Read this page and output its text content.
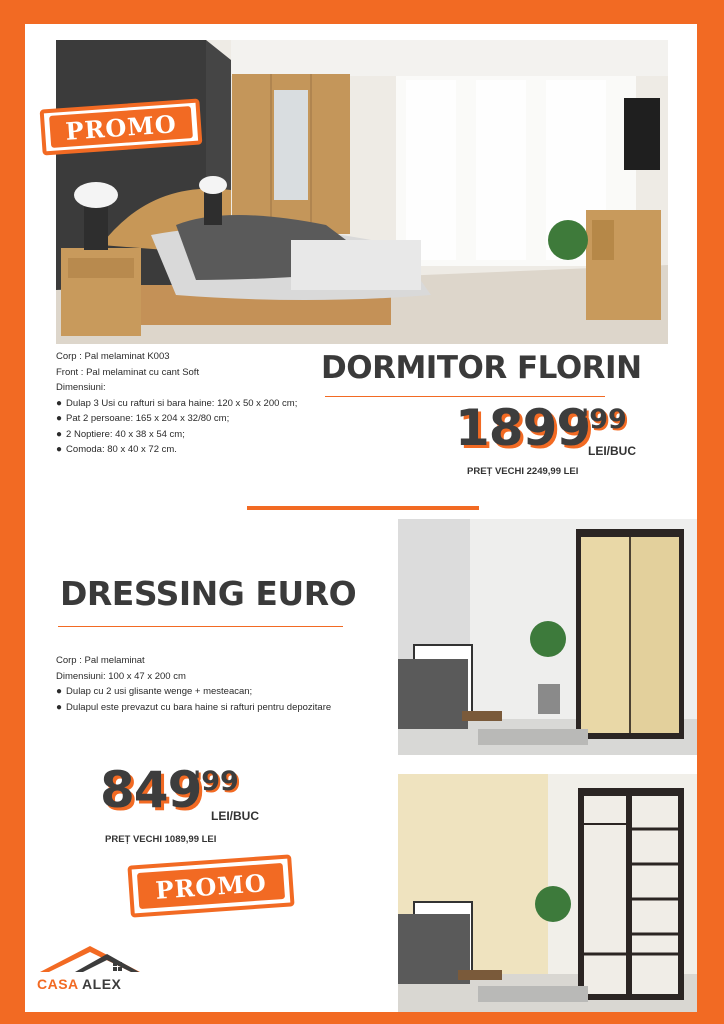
PROMO
Corp : Pal melaminat K003
Front : Pal melaminat cu cant Soft
Dimensiuni:
● Dulap 3 Usi cu rafturi si bara haine: 120 x 50 x 200 cm;
● Pat 2 persoane: 165 x 204 x 32/80 cm;
● 2 Noptiere: 40 x 38 x 54 cm;
● Comoda: 80 x 40 x 72 cm.
DORMITOR FLORIN
1899
'99
LEI/BUC
PREȚ VECHI 2249,99 LEI
DRESSING EURO
Corp : Pal melaminat
Dimensiuni: 100 x 47 x 200 cm
● Dulap cu 2 usi glisante wenge + mesteacan;
● Dulapul este prevazut cu bara haine si rafturi pentru depozitare
849
'99
LEI/BUC
PREȚ VECHI 1089,99 LEI
PROMO
CASA ALEX
